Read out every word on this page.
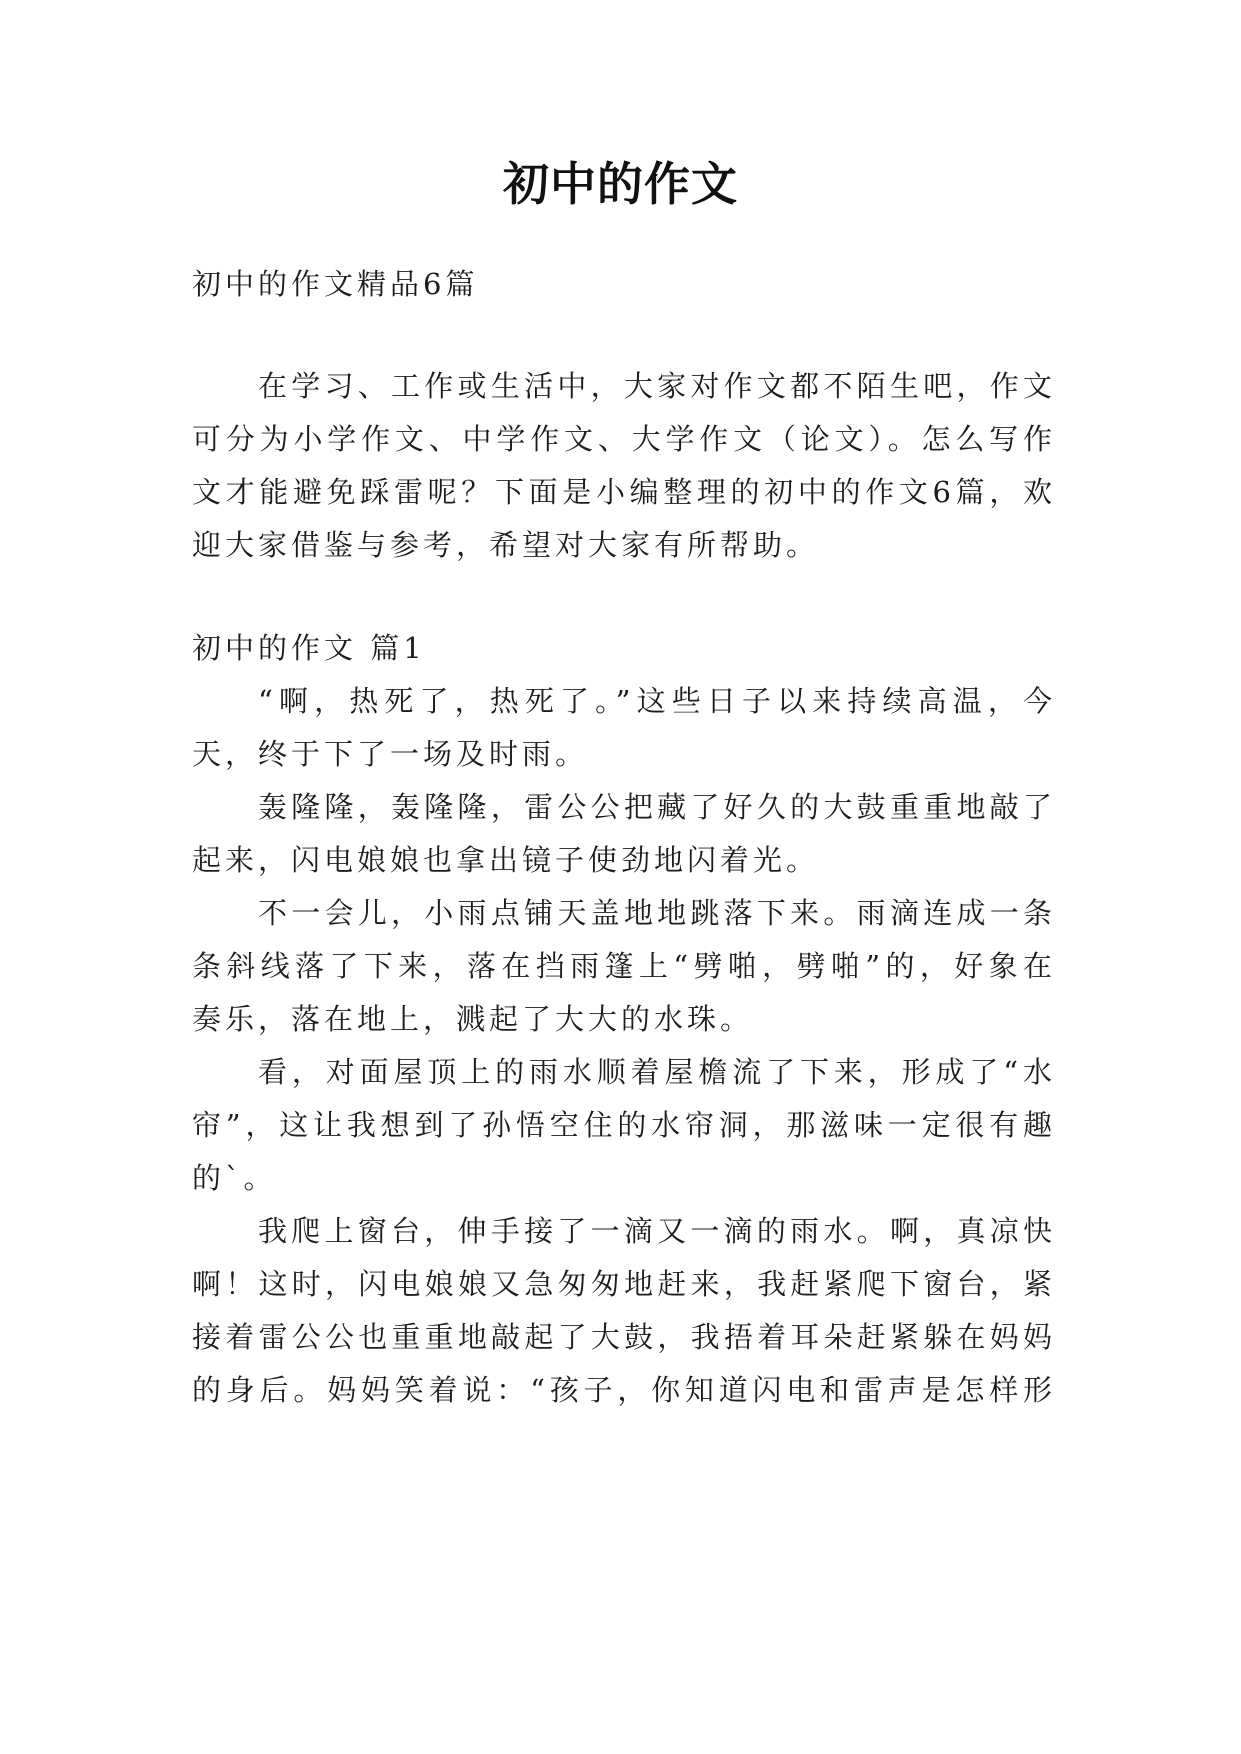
初中的作文
初中的作文精品6篇
在学习、工作或生活中，大家对作文都不陌生吧，作文
可分为小学作文、中学作文、大学作文（论文）。怎么写作
文才能避免踩雷呢？下面是小编整理的初中的作文6篇，欢
迎大家借鉴与参考，希望对大家有所帮助。
初中的作文 篇1
“啊，热死了，热死了。”这些日子以来持续高温，今
天，终于下了一场及时雨。
轰隆隆，轰隆隆，雷公公把藏了好久的大鼓重重地敲了
起来，闪电娘娘也拿出镜子使劲地闪着光。
不一会儿，小雨点铺天盖地地跳落下来。雨滴连成一条
条斜线落了下来，落在挡雨篷上“劈啪，劈啪”的，好象在
奏乐，落在地上，溅起了大大的水珠。
看，对面屋顶上的雨水顺着屋檐流了下来，形成了“水
帘”，这让我想到了孙悟空住的水帘洞，那滋味一定很有趣
的`。
我爬上窗台，伸手接了一滴又一滴的雨水。啊，真凉快
啊！这时，闪电娘娘又急匆匆地赶来，我赶紧爬下窗台，紧
接着雷公公也重重地敲起了大鼓，我捂着耳朵赶紧躲在妈妈
的身后。妈妈笑着说：“孩子，你知道闪电和雷声是怎样形
